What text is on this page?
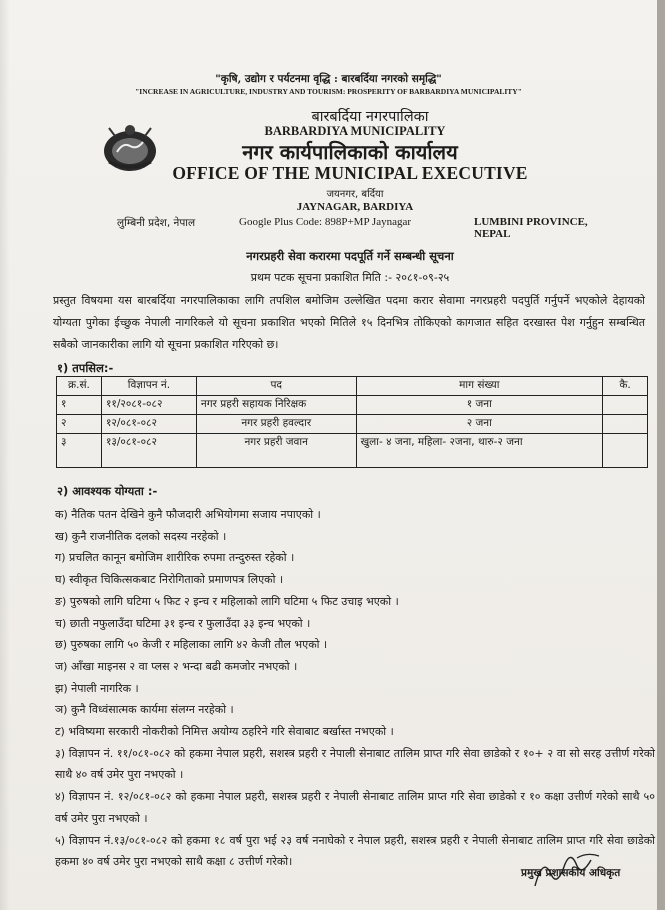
"कृषि, उद्योग र पर्यटनमा वृद्धि : बारबर्दिया नगरको समृद्धि"
"INCREASE IN AGRICULTURE, INDUSTRY AND TOURISM: PROSPERITY OF BARBARDIYA MUNICIPALITY"
बारबर्दिया नगरपालिका
BARBARDIYA MUNICIPALITY
नगर कार्यपालिकाको कार्यालय
OFFICE OF THE MUNICIPAL EXECUTIVE
जयनगर, बर्दिया
JAYNAGAR, BARDIYA
लुम्बिनी प्रदेश, नेपाल	Google Plus Code: 898P+MP Jaynagar	LUMBINI PROVINCE, NEPAL
नगरप्रहरी सेवा करारमा पदपूर्ति गर्ने सम्बन्धी सूचना
प्रथम पटक सूचना प्रकाशित मिति :- २०८१-०९-२५
प्रस्तुत विषयमा यस बारबर्दिया नगरपालिकाका लागि तपशिल बमोजिम उल्लेखित पदमा करार सेवामा नगरप्रहरी पदपुर्ति गर्नुपर्ने भएकोले देहायको योग्यता पुगेका ईच्छुक नेपाली नागरिकले यो सूचना प्रकाशित भएको मितिले १५ दिनभित्र तोकिएको कागजात सहित दरखास्त पेश गर्नुहुन सम्बन्धित सबैको जानकारीका लागि यो सूचना प्रकाशित गरिएको छ।
१) तपसिल:-
क्र.सं.	विज्ञापन नं.	पद	माग संख्या	कै.
१	११/२०८१-०८२	नगर प्रहरी सहायक निरिक्षक	१ जना	
२	१२/०८१-०८२	नगर प्रहरी हवल्दार	२ जना	
३	१३/०८१-०८२	नगर प्रहरी जवान	खुला- ४ जना, महिला- २जना, थारु-२ जना	
२) आवश्यक योग्यता :-
क) नैतिक पतन देखिने कुनै फौजदारी अभियोगमा सजाय नपाएको ।
ख) कुनै राजनीतिक दलको सदस्य नरहेको ।
ग) प्रचलित कानून बमोजिम शारीरिक रुपमा तन्दुरुस्त रहेको ।
घ) स्वीकृत चिकित्सकबाट निरोगिताको प्रमाणपत्र लिएको ।
ङ) पुरुषको लागि घटिमा ५ फिट २ इन्च र महिलाको लागि घटिमा ५ फिट उचाइ भएको ।
च) छाती नफुलाउँदा घटिमा ३१ इन्च र फुलाउँदा ३३ इन्च भएको ।
छ) पुरुषका लागि ५० केजी र महिलाका लागि ४२ केजी तौल भएको ।
ज) आँखा माइनस २ वा प्लस २ भन्दा बढी कमजोर नभएको ।
झ) नेपाली नागरिक ।
ञ) कुनै विध्वंसात्मक कार्यमा संलग्न नरहेको ।
ट) भविष्यमा सरकारी नोकरीको निमित्त अयोग्य ठहरिने गरि सेवाबाट बर्खास्त नभएको ।
३) विज्ञापन नं. ११/०८१-०८२ को हकमा नेपाल प्रहरी, सशस्त्र प्रहरी र नेपाली सेनाबाट तालिम प्राप्त गरि सेवा छाडेको र १०+ २ वा सो सरह उत्तीर्ण गरेको साथै ४० वर्ष उमेर पुरा नभएको ।
४) विज्ञापन नं. १२/०८१-०८२ को हकमा नेपाल प्रहरी, सशस्त्र प्रहरी र नेपाली सेनाबाट तालिम प्राप्त गरि सेवा छाडेको र १० कक्षा उत्तीर्ण गरेको साथै ५० वर्ष उमेर पुरा नभएको ।
५) विज्ञापन नं.१३/०८१-०८२ को हकमा १८ वर्ष पुरा भई २३ वर्ष ननाघेको र नेपाल प्रहरी, सशस्त्र प्रहरी र नेपाली सेनाबाट तालिम प्राप्त गरि सेवा छाडेको हकमा ४० वर्ष उमेर पुरा नभएको साथै कक्षा ८ उत्तीर्ण गरेको।
प्रमुख प्रशासकीय अधिकृत
